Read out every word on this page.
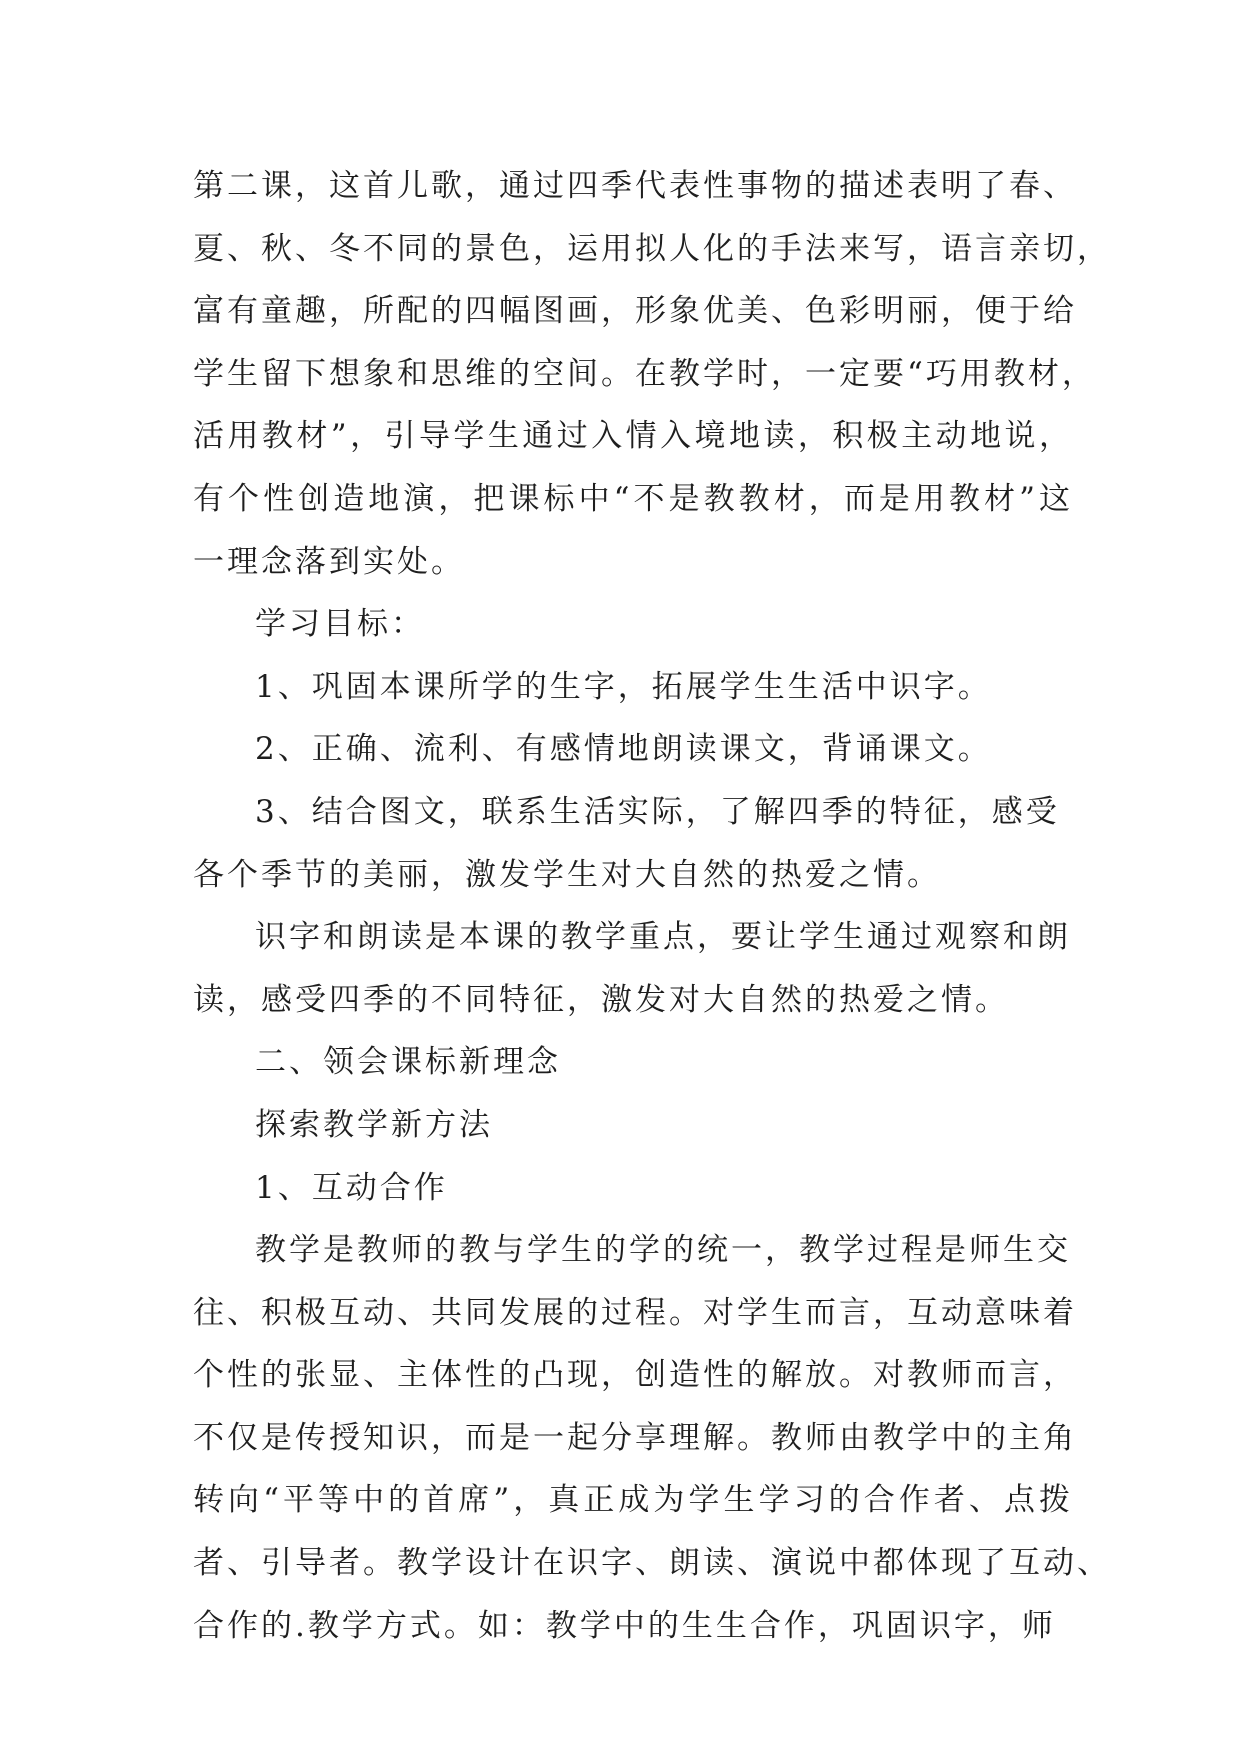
第二课，这首儿歌，通过四季代表性事物的描述表明了春、
夏、秋、冬不同的景色，运用拟人化的手法来写，语言亲切，
富有童趣，所配的四幅图画，形象优美、色彩明丽，便于给
学生留下想象和思维的空间。在教学时，一定要“巧用教材，
活用教材”，引导学生通过入情入境地读，积极主动地说，
有个性创造地演，把课标中“不是教教材，而是用教材”这
一理念落到实处。
学习目标：
1、巩固本课所学的生字，拓展学生生活中识字。
2、正确、流利、有感情地朗读课文，背诵课文。
3、结合图文，联系生活实际，了解四季的特征，感受
各个季节的美丽，激发学生对大自然的热爱之情。
识字和朗读是本课的教学重点，要让学生通过观察和朗
读，感受四季的不同特征，激发对大自然的热爱之情。
二、领会课标新理念
探索教学新方法
1、互动合作
教学是教师的教与学生的学的统一，教学过程是师生交
往、积极互动、共同发展的过程。对学生而言，互动意味着
个性的张显、主体性的凸现，创造性的解放。对教师而言，
不仅是传授知识，而是一起分享理解。教师由教学中的主角
转向“平等中的首席”，真正成为学生学习的合作者、点拨
者、引导者。教学设计在识字、朗读、演说中都体现了互动、
合作的.教学方式。如：教学中的生生合作，巩固识字，师
